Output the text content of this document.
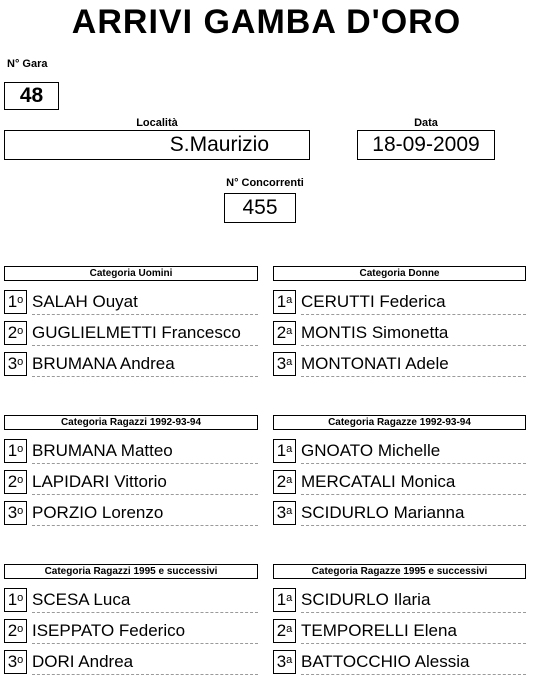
ARRIVI GAMBA D'ORO
N° Gara
48
Località
S.Maurizio
Data
18-09-2009
N° Concorrenti
455
Categoria Uomini
1$^o$ SALAH Ouyat
2$^o$ GUGLIELMETTI Francesco
3$^o$ BRUMANA Andrea
Categoria Donne
1$^a$ CERUTTI Federica
2$^a$ MONTIS Simonetta
3$^a$ MONTONATI Adele
Categoria Ragazzi 1992-93-94
1$^o$ BRUMANA Matteo
2$^o$ LAPIDARI Vittorio
3$^o$ PORZIO Lorenzo
Categoria Ragazze 1992-93-94
1$^a$ GNOATO Michelle
2$^a$ MERCATALI Monica
3$^a$ SCIDURLO Marianna
Categoria Ragazzi 1995 e successivi
1$^o$ SCESA Luca
2$^o$ ISEPPATO Federico
3$^o$ DORI Andrea
Categoria Ragazze 1995 e successivi
1$^a$ SCIDURLO Ilaria
2$^a$ TEMPORELLI Elena
3$^a$ BATTOCCHIO Alessia
